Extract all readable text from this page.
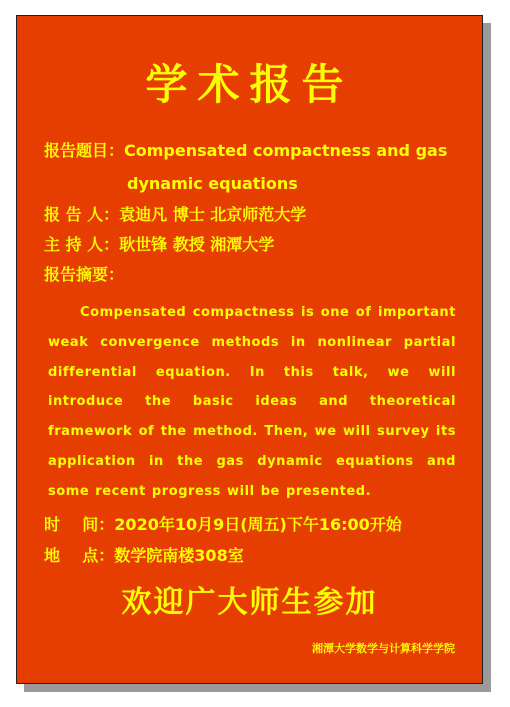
学术报告
报告题目：Compensated compactness and gas
dynamic equations
报 告 人：袁迪凡 博士 北京师范大学
主 持 人：耿世锋 教授 湘潭大学
报告摘要：
Compensated compactness is one of important weak convergence methods in nonlinear partial differential equation. In this talk, we will introduce the basic ideas and theoretical framework of the method. Then, we will survey its application in the gas dynamic equations and some recent progress will be presented.
时    间：2020年10月9日(周五)下午16:00开始
地    点：数学院南楼308室
欢迎广大师生参加
湘潭大学数学与计算科学学院
